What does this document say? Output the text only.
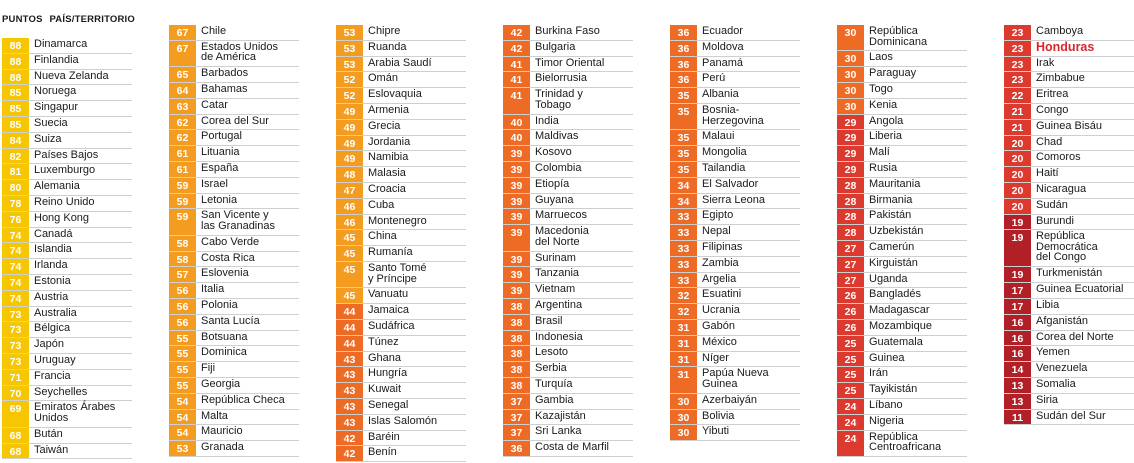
PUNTOS PAÍS/TERRITORIO
88	Dinamarca
88	Finlandia
88	Nueva Zelanda
85	Noruega
85	Singapur
85	Suecia
84	Suiza
82	Países Bajos
81	Luxemburgo
80	Alemania
78	Reino Unido
76	Hong Kong
74	Canadá
74	Islandia
74	Irlanda
74	Estonia
74	Austria
73	Australia
73	Bélgica
73	Japón
73	Uruguay
71	Francia
70	Seychelles
69	Emiratos Árabes
Unidos
68	Bután
68	Taiwán
67	Chile
67	Estados Unidos
de América
65	Barbados
64	Bahamas
63	Catar
62	Corea del Sur
62	Portugal
61	Lituania
61	España
59	Israel
59	Letonia
59	San Vicente y
las Granadinas
58	Cabo Verde
58	Costa Rica
57	Eslovenia
56	Italia
56	Polonia
56	Santa Lucía
55	Botsuana
55	Dominica
55	Fiji
55	Georgia
54	República Checa
54	Malta
54	Mauricio
53	Granada
53	Chipre
53	Ruanda
53	Arabia Saudí
52	Omán
52	Eslovaquia
49	Armenia
49	Grecia
49	Jordania
49	Namibia
48	Malasia
47	Croacia
46	Cuba
46	Montenegro
45	China
45	Rumanía
45	Santo Tomé
y Príncipe
45	Vanuatu
44	Jamaica
44	Sudáfrica
44	Túnez
43	Ghana
43	Hungría
43	Kuwait
43	Senegal
43	Islas Salomón
42	Baréin
42	Benín
42	Burkina Faso
42	Bulgaria
41	Timor Oriental
41	Bielorrusia
41	Trinidad y
Tobago
40	India
40	Maldivas
39	Kosovo
39	Colombia
39	Etiopía
39	Guyana
39	Marruecos
39	Macedonia
del Norte
39	Surinam
39	Tanzania
39	Vietnam
38	Argentina
38	Brasil
38	Indonesia
38	Lesoto
38	Serbia
38	Turquía
37	Gambia
37	Kazajistán
37	Sri Lanka
36	Costa de Marfil
36	Ecuador
36	Moldova
36	Panamá
36	Perú
35	Albania
35	Bosnia-
Herzegovina
35	Malaui
35	Mongolia
35	Tailandia
34	El Salvador
34	Sierra Leona
33	Egipto
33	Nepal
33	Filipinas
33	Zambia
33	Argelia
32	Esuatini
32	Ucrania
31	Gabón
31	México
31	Níger
31	Papúa Nueva
Guinea
30	Azerbaiyán
30	Bolivia
30	Yibuti
30	República
Dominicana
30	Laos
30	Paraguay
30	Togo
30	Kenia
29	Angola
29	Liberia
29	Malí
29	Rusia
28	Mauritania
28	Birmania
28	Pakistán
28	Uzbekistán
27	Camerún
27	Kirguistán
27	Uganda
26	Bangladés
26	Madagascar
26	Mozambique
25	Guatemala
25	Guinea
25	Irán
25	Tayikistán
24	Líbano
24	Nigeria
24	República
Centroafricana
23	Camboya
23	Honduras
23	Irak
23	Zimbabue
22	Eritrea
21	Congo
21	Guinea Bisáu
20	Chad
20	Comoros
20	Haití
20	Nicaragua
20	Sudán
19	Burundi
19	República
Democrática
del Congo
19	Turkmenistán
17	Guinea Ecuatorial
17	Libia
16	Afganistán
16	Corea del Norte
16	Yemen
14	Venezuela
13	Somalia
13	Siria
11	Sudán del Sur
